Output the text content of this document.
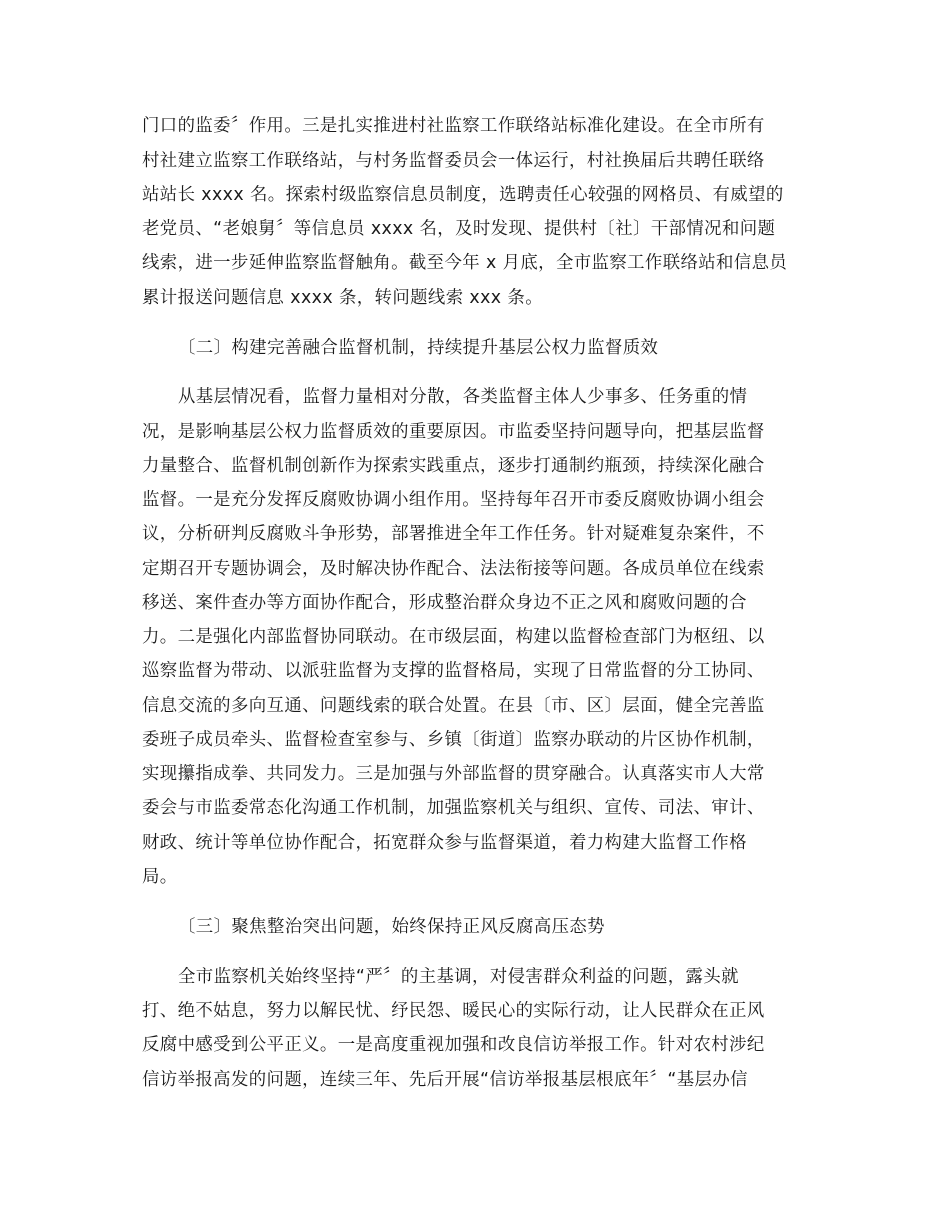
门口的监委〞作用。三是扎实推进村社监察工作联络站标准化建设。在全市所有
村社建立监察工作联络站，与村务监督委员会一体运行，村社换届后共聘任联络
站站长 xxxx 名。探索村级监察信息员制度，选聘责任心较强的网格员、有威望的
老党员、“老娘舅〞等信息员 xxxx 名，及时发现、提供村〔社〕干部情况和问题
线索，进一步延伸监察监督触角。截至今年 x 月底，全市监察工作联络站和信息员
累计报送问题信息 xxxx 条，转问题线索 xxx 条。
〔二〕构建完善融合监督机制，持续提升基层公权力监督质效
从基层情况看，监督力量相对分散，各类监督主体人少事多、任务重的情
况，是影响基层公权力监督质效的重要原因。市监委坚持问题导向，把基层监督
力量整合、监督机制创新作为探索实践重点，逐步打通制约瓶颈，持续深化融合
监督。一是充分发挥反腐败协调小组作用。坚持每年召开市委反腐败协调小组会
议，分析研判反腐败斗争形势，部署推进全年工作任务。针对疑难复杂案件，不
定期召开专题协调会，及时解决协作配合、法法衔接等问题。各成员单位在线索
移送、案件查办等方面协作配合，形成整治群众身边不正之风和腐败问题的合
力。二是强化内部监督协同联动。在市级层面，构建以监督检查部门为枢纽、以
巡察监督为带动、以派驻监督为支撑的监督格局，实现了日常监督的分工协同、
信息交流的多向互通、问题线索的联合处置。在县〔市、区〕层面，健全完善监
委班子成员牵头、监督检查室参与、乡镇〔街道〕监察办联动的片区协作机制，
实现攥指成拳、共同发力。三是加强与外部监督的贯穿融合。认真落实市人大常
委会与市监委常态化沟通工作机制，加强监察机关与组织、宣传、司法、审计、
财政、统计等单位协作配合，拓宽群众参与监督渠道，着力构建大监督工作格
局。
〔三〕聚焦整治突出问题，始终保持正风反腐高压态势
全市监察机关始终坚持“严〞的主基调，对侵害群众利益的问题，露头就
打、绝不姑息，努力以解民忧、纾民怨、暖民心的实际行动，让人民群众在正风
反腐中感受到公平正义。一是高度重视加强和改良信访举报工作。针对农村涉纪
信访举报高发的问题，连续三年、先后开展“信访举报基层根底年〞“基层办信
